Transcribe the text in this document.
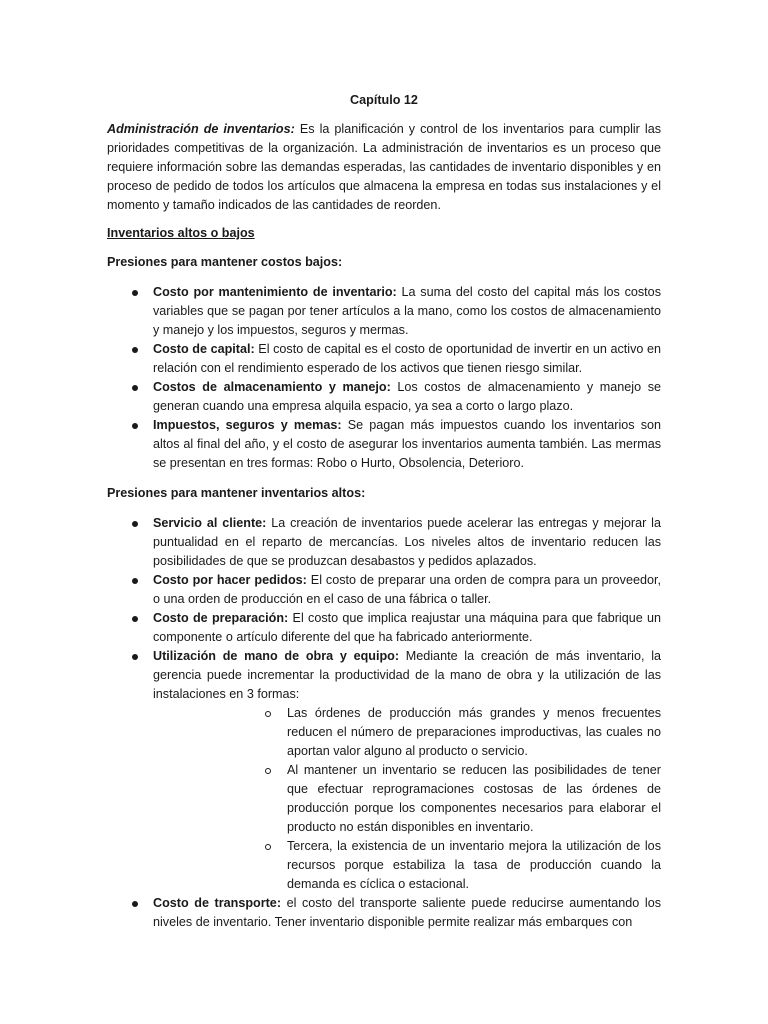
Capítulo 12

Administración de inventarios: Es la planificación y control de los inventarios para cumplir las prioridades competitivas de la organización. La administración de inventarios es un proceso que requiere información sobre las demandas esperadas, las cantidades de inventario disponibles y en proceso de pedido de todos los artículos que almacena la empresa en todas sus instalaciones y el momento y tamaño indicados de las cantidades de reorden.

Inventarios altos o bajos
Presiones para mantener costos bajos:
Costo por mantenimiento de inventario: La suma del costo del capital más los costos variables que se pagan por tener artículos a la mano, como los costos de almacenamiento y manejo y los impuestos, seguros y mermas.
Costo de capital: El costo de capital es el costo de oportunidad de invertir en un activo en relación con el rendimiento esperado de los activos que tienen riesgo similar.
Costos de almacenamiento y manejo: Los costos de almacenamiento y manejo se generan cuando una empresa alquila espacio, ya sea a corto o largo plazo.
Impuestos, seguros y memas: Se pagan más impuestos cuando los inventarios son altos al final del año, y el costo de asegurar los inventarios aumenta también. Las mermas se presentan en tres formas: Robo o Hurto, Obsolencia, Deterioro.
Presiones para mantener inventarios altos:
Servicio al cliente: La creación de inventarios puede acelerar las entregas y mejorar la puntualidad en el reparto de mercancías. Los niveles altos de inventario reducen las posibilidades de que se produzcan desabastos y pedidos aplazados.
Costo por hacer pedidos: El costo de preparar una orden de compra para un proveedor, o una orden de producción en el caso de una fábrica o taller.
Costo de preparación: El costo que implica reajustar una máquina para que fabrique un componente o artículo diferente del que ha fabricado anteriormente.
Utilización de mano de obra y equipo: Mediante la creación de más inventario, la gerencia puede incrementar la productividad de la mano de obra y la utilización de las instalaciones en 3 formas:
Las órdenes de producción más grandes y menos frecuentes reducen el número de preparaciones improductivas, las cuales no aportan valor alguno al producto o servicio.
Al mantener un inventario se reducen las posibilidades de tener que efectuar reprogramaciones costosas de las órdenes de producción porque los componentes necesarios para elaborar el producto no están disponibles en inventario.
Tercera, la existencia de un inventario mejora la utilización de los recursos porque estabiliza la tasa de producción cuando la demanda es cíclica o estacional.
Costo de transporte: el costo del transporte saliente puede reducirse aumentando los niveles de inventario. Tener inventario disponible permite realizar más embarques con
